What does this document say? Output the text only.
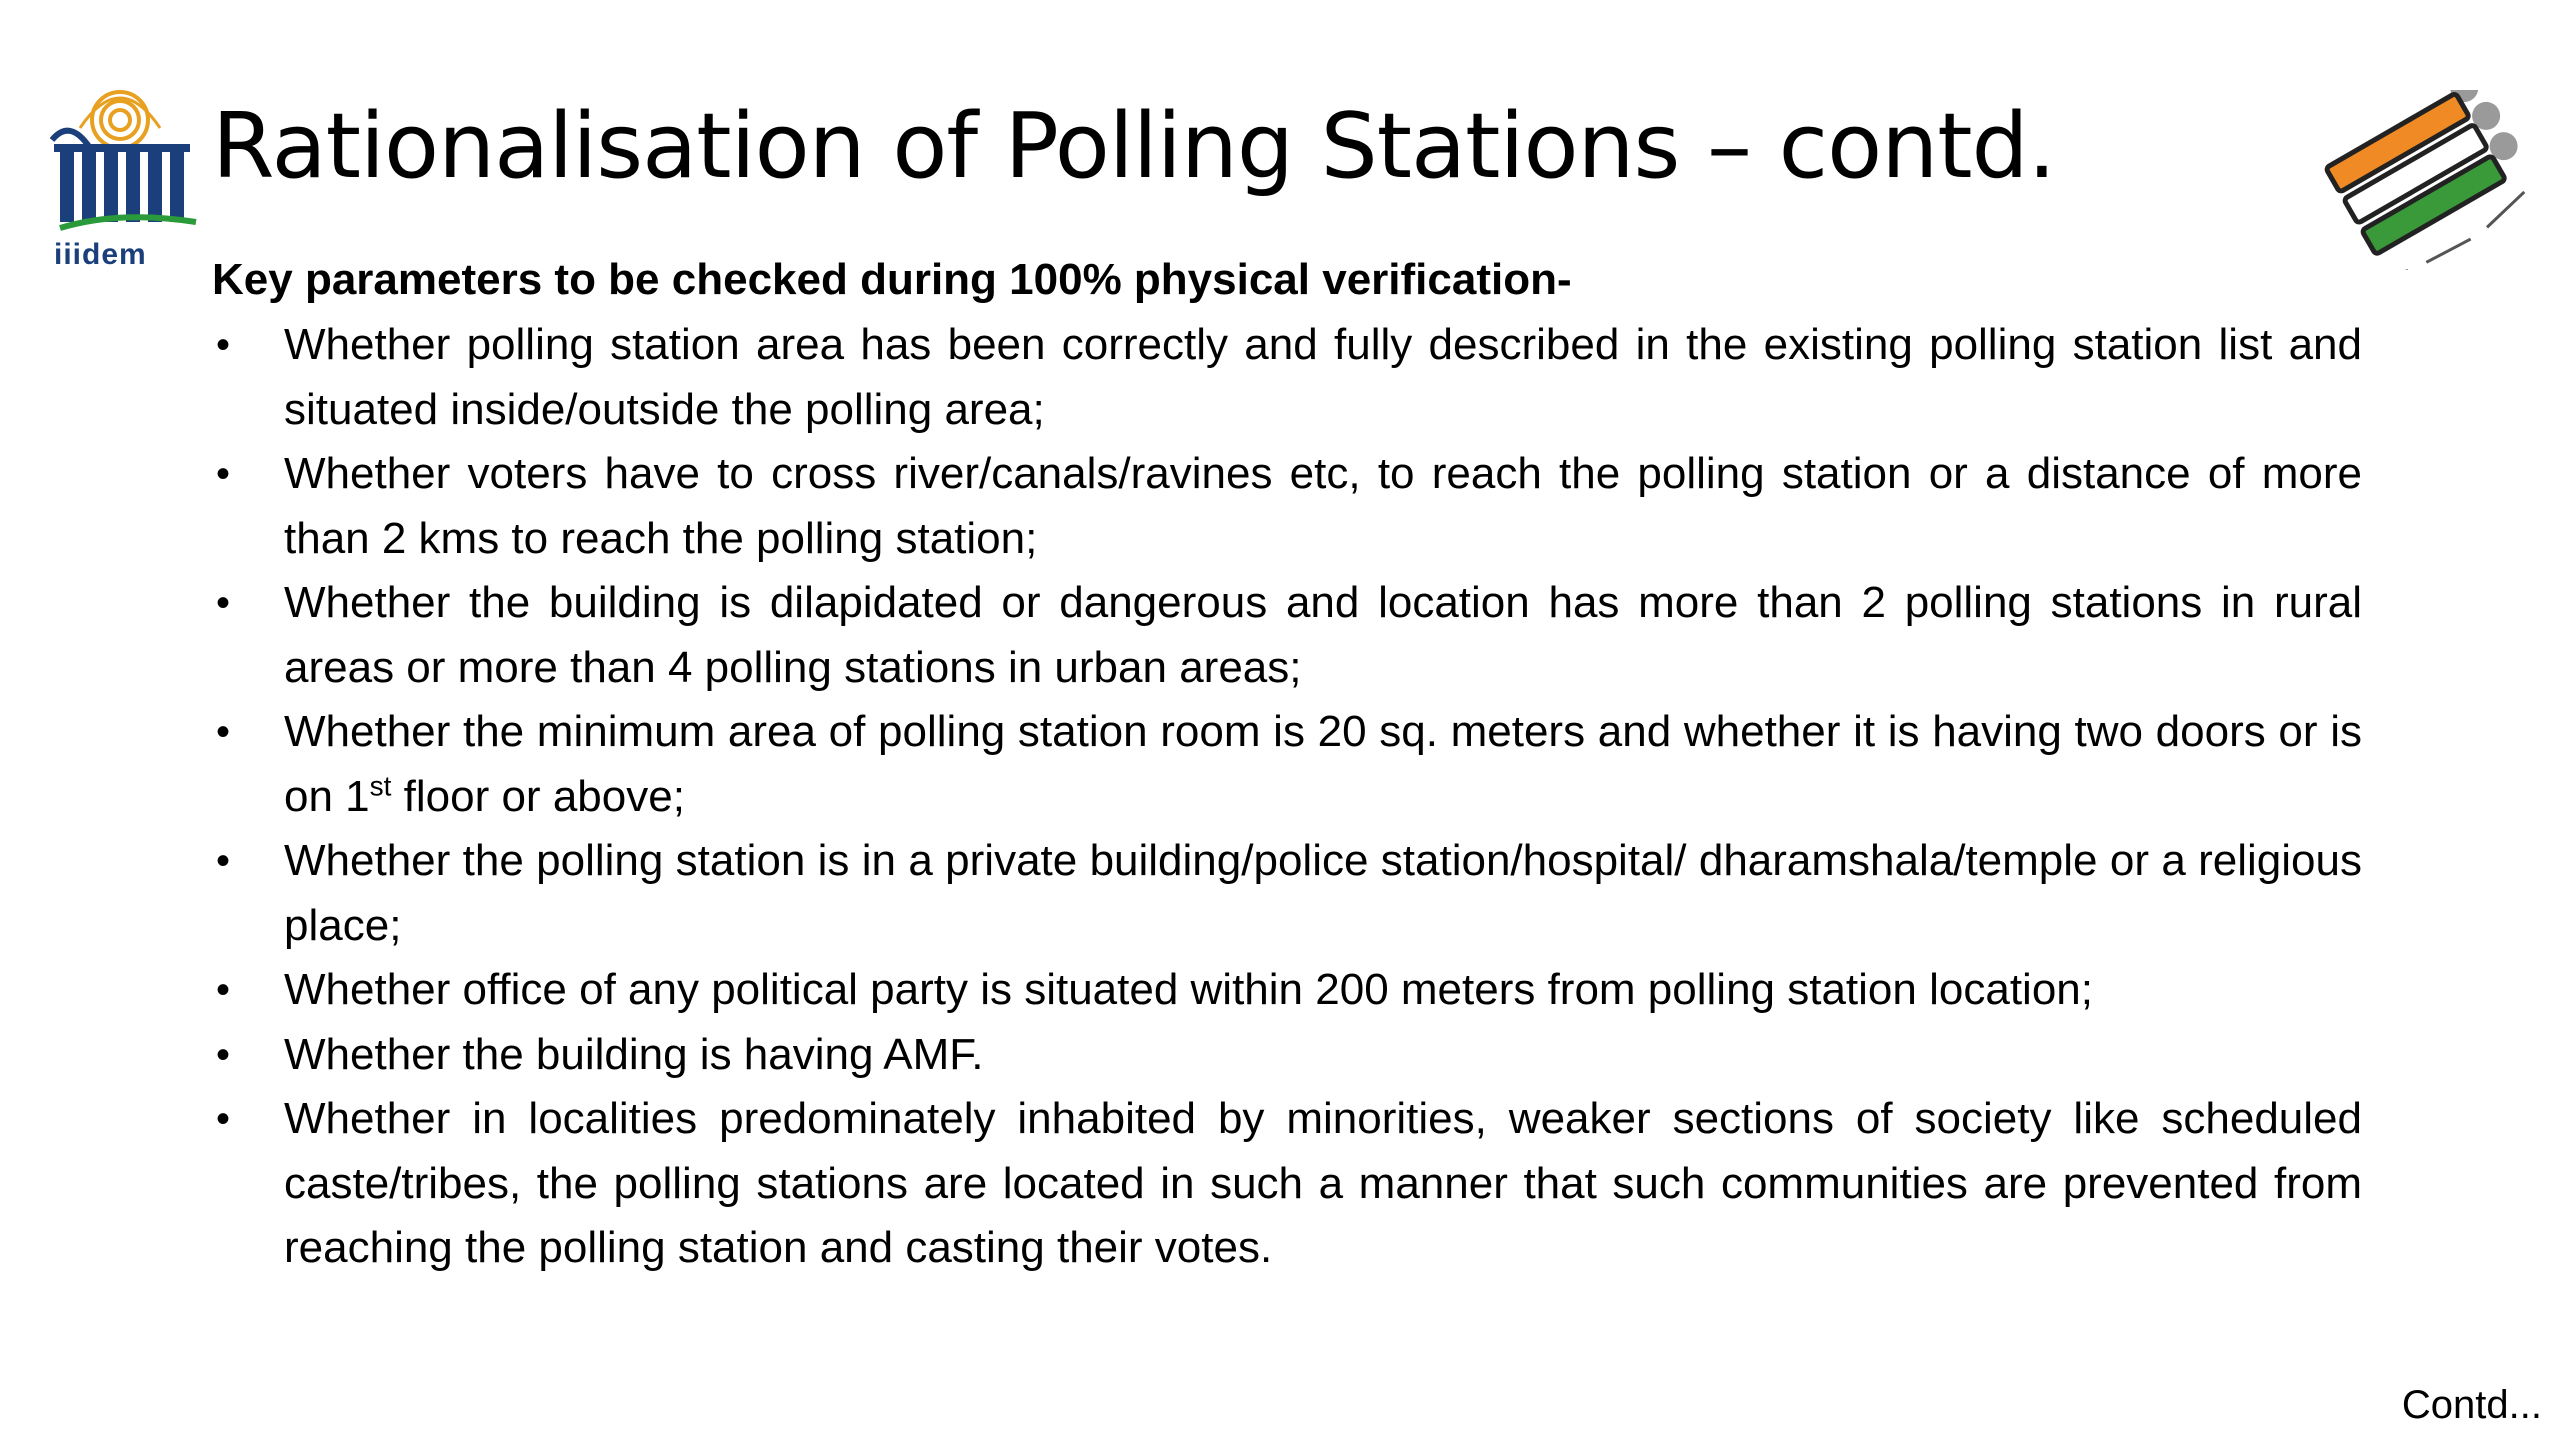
iiidem
Rationalisation of Polling Stations – contd.
Key parameters to be checked during 100% physical verification-
• Whether polling station area has been correctly and fully described in the existing polling station list and situated inside/outside the polling area;
• Whether voters have to cross river/canals/ravines etc, to reach the polling station or a distance of more than 2 kms to reach the polling station;
• Whether the building is dilapidated or dangerous and location has more than 2 polling stations in rural areas or more than 4 polling stations in urban areas;
• Whether the minimum area of polling station room is 20 sq. meters and whether it is having two doors or is on 1st floor or above;
• Whether the polling station is in a private building/police station/hospital/ dharamshala/temple or a religious place;
• Whether office of any political party is situated within 200 meters from polling station location;
• Whether the building is having AMF.
• Whether in localities predominately inhabited by minorities, weaker sections of society like scheduled caste/tribes, the polling stations are located in such a manner that such communities are prevented from reaching the polling station and casting their votes.
Contd...
